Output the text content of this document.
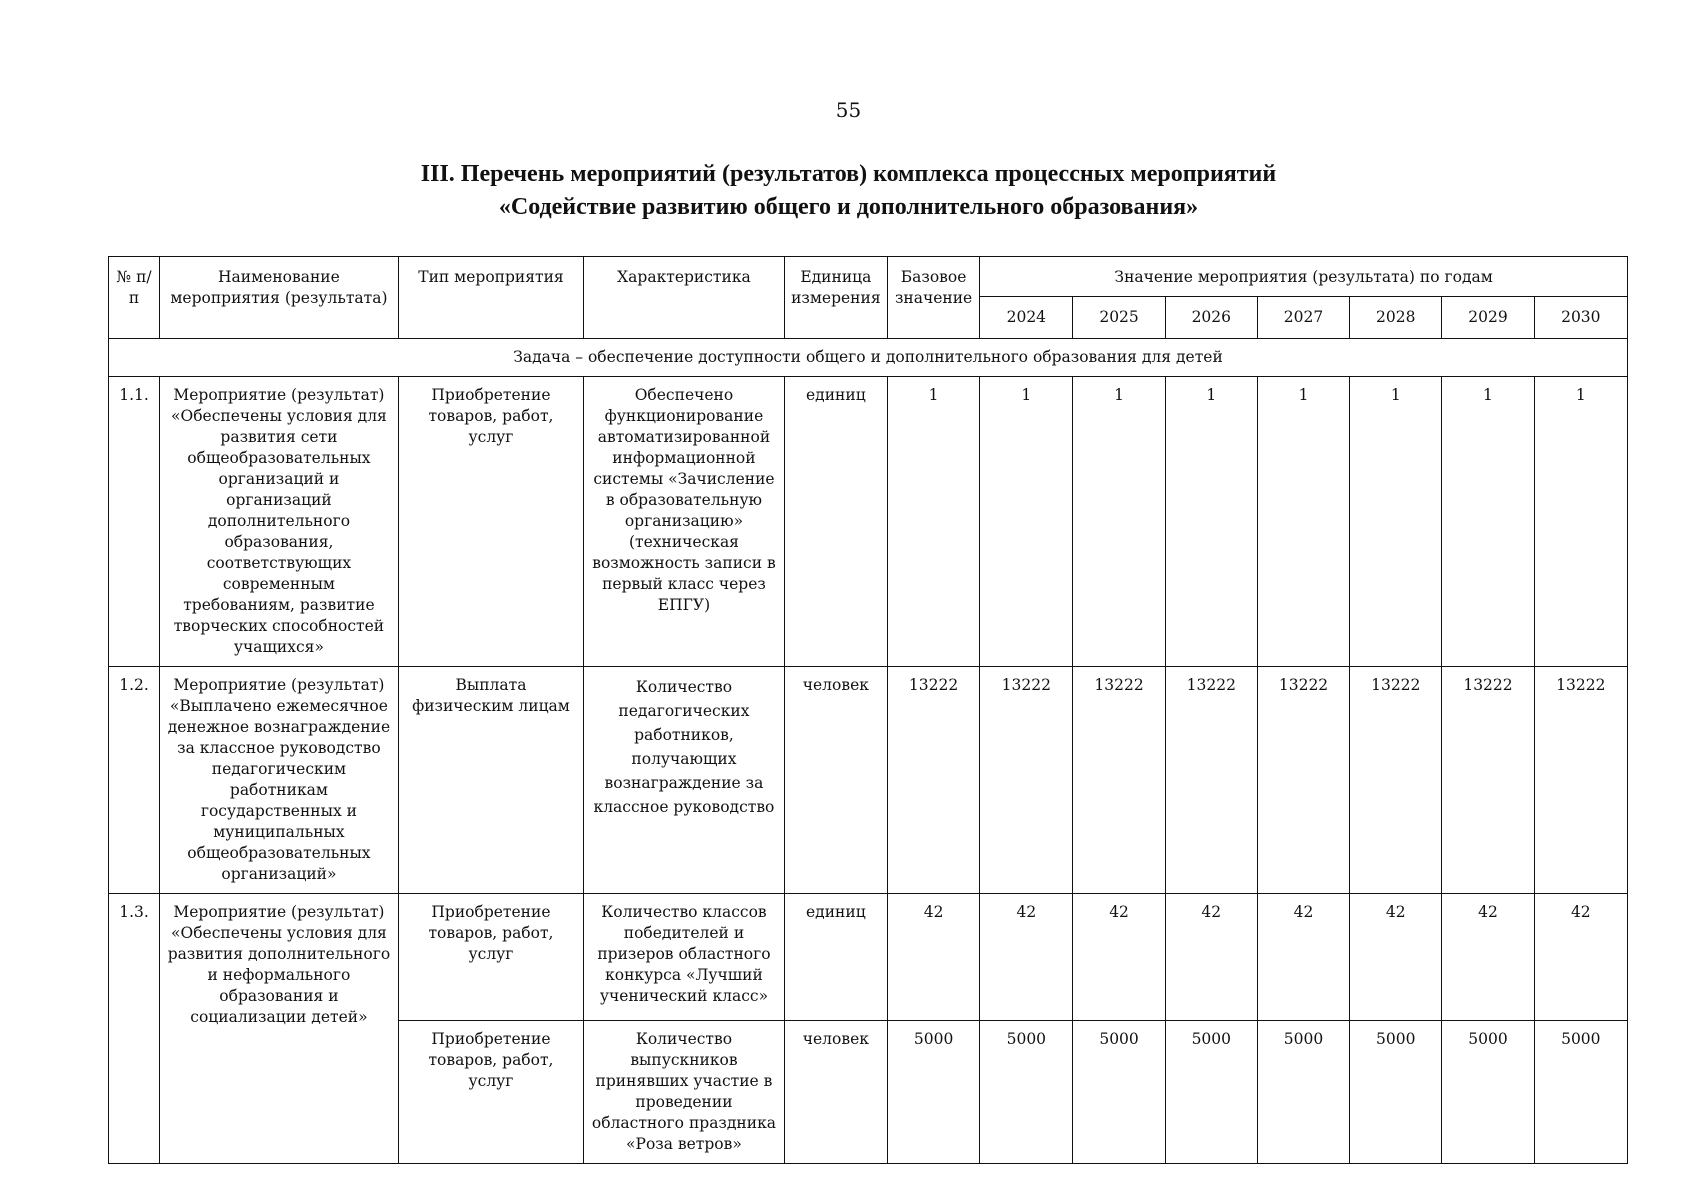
55
III. Перечень мероприятий (результатов) комплекса процессных мероприятий
«Содействие развитию общего и дополнительного образования»
№ п/п	Наименование мероприятия (результата)	Тип мероприятия	Характеристика	Единица измерения	Базовое значение	Значение мероприятия (результата) по годам						
						2024	2025	2026	2027	2028	2029	2030
Задача – обеспечение доступности общего и дополнительного образования для детей												
1.1.	Мероприятие (результат) «Обеспечены условия для развития сети общеобразовательных организаций и организаций дополнительного образования, соответствующих современным требованиям, развитие творческих способностей учащихся»	Приобретение товаров, работ, услуг	Обеспечено функционирование автоматизированной информационной системы «Зачисление в образовательную организацию» (техническая возможность записи в первый класс через ЕПГУ)	единиц	1	1	1	1	1	1	1	1
1.2.	Мероприятие (результат) «Выплачено ежемесячное денежное вознаграждение за классное руководство педагогическим работникам государственных и муниципальных общеобразовательных организаций»	Выплата физическим лицам	Количество педагогических работников, получающих вознаграждение за классное руководство	человек	13222	13222	13222	13222	13222	13222	13222	13222
1.3.	Мероприятие (результат) «Обеспечены условия для развития дополнительного и неформального образования и социализации детей»	Приобретение товаров, работ, услуг	Количество классов победителей и призеров областного конкурса «Лучший ученический класс»	единиц	42	42	42	42	42	42	42	42
		Приобретение товаров, работ, услуг	Количество выпускников принявших участие в проведении областного праздника «Роза ветров»	человек	5000	5000	5000	5000	5000	5000	5000	5000
